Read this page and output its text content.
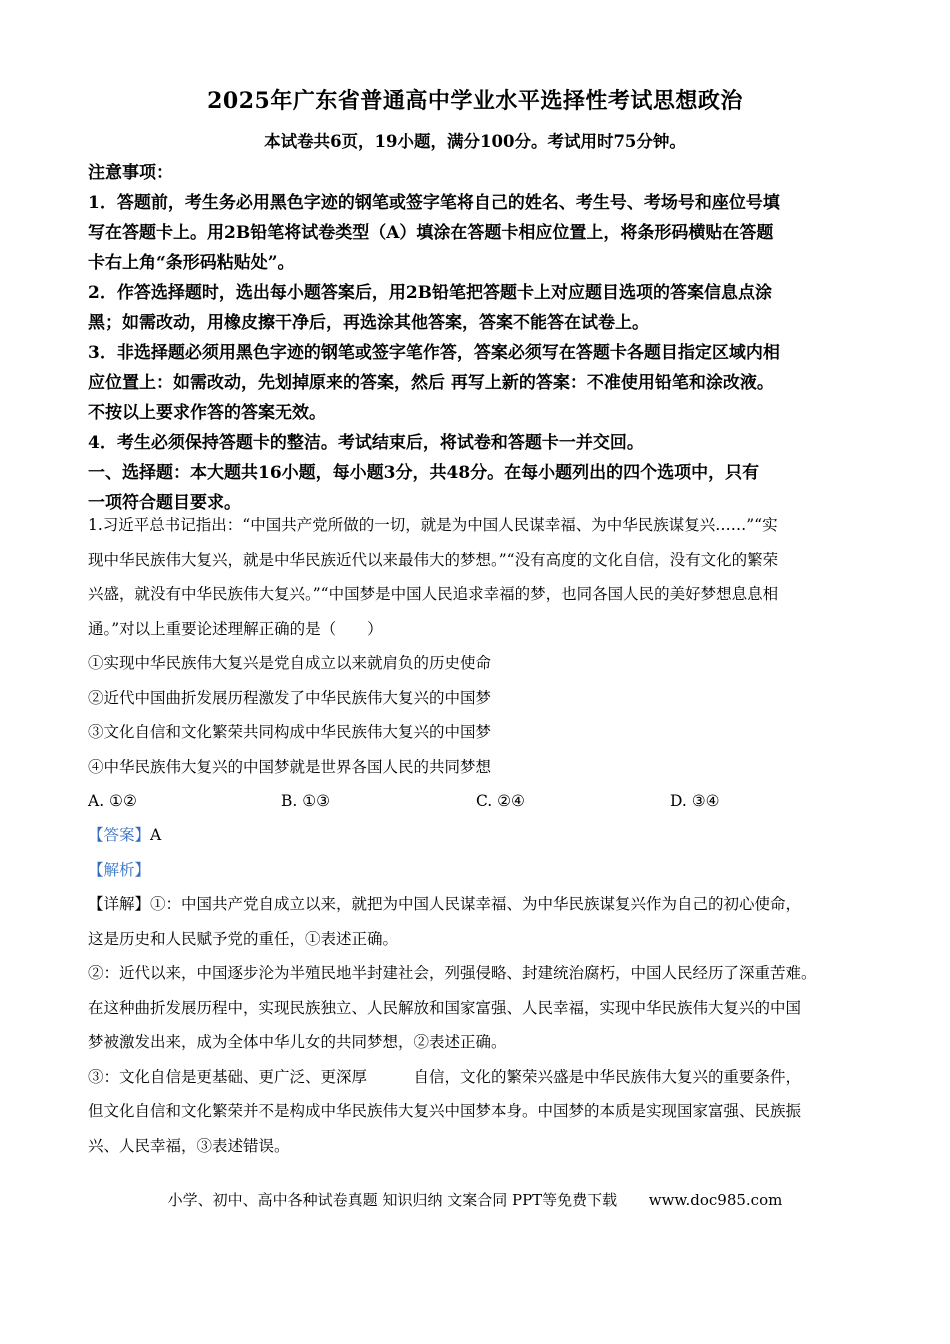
2025年广东省普通高中学业水平选择性考试思想政治
本试卷共6页，19小题，满分100分。考试用时75分钟。
注意事项：
1．答题前，考生务必用黑色字迹的钢笔或签字笔将自己的姓名、考生号、考场号和座位号填
写在答题卡上。用2B铅笔将试卷类型（A）填涂在答题卡相应位置上，将条形码横贴在答题
卡右上角“条形码粘贴处”。
2．作答选择题时，选出每小题答案后，用2B铅笔把答题卡上对应题目选项的答案信息点涂
黑；如需改动，用橡皮擦干净后，再选涂其他答案，答案不能答在试卷上。
3．非选择题必须用黑色字迹的钢笔或签字笔作答，答案必须写在答题卡各题目指定区域内相
应位置上：如需改动，先划掉原来的答案，然后 再写上新的答案：不准使用铅笔和涂改液。
不按以上要求作答的答案无效。
4．考生必须保持答题卡的整洁。考试结束后，将试卷和答题卡一并交回。
一、选择题：本大题共16小题，每小题3分，共48分。在每小题列出的四个选项中，只有
一项符合题目要求。
1.习近平总书记指出：“中国共产党所做的一切，就是为中国人民谋幸福、为中华民族谋复兴……”“实
现中华民族伟大复兴，就是中华民族近代以来最伟大的梦想。”“没有高度的文化自信，没有文化的繁荣
兴盛，就没有中华民族伟大复兴。”“中国梦是中国人民追求幸福的梦，也同各国人民的美好梦想息息相
通。”对以上重要论述理解正确的是（　　）
①实现中华民族伟大复兴是党自成立以来就肩负的历史使命
②近代中国曲折发展历程激发了中华民族伟大复兴的中国梦
③文化自信和文化繁荣共同构成中华民族伟大复兴的中国梦
④中华民族伟大复兴的中国梦就是世界各国人民的共同梦想
A. ①②	B. ①③	C. ②④	D. ③④
【答案】A
【解析】
【详解】①：中国共产党自成立以来，就把为中国人民谋幸福、为中华民族谋复兴作为自己的初心使命，
这是历史和人民赋予党的重任，①表述正确。
②：近代以来，中国逐步沦为半殖民地半封建社会，列强侵略、封建统治腐朽，中国人民经历了深重苦难。
在这种曲折发展历程中，实现民族独立、人民解放和国家富强、人民幸福，实现中华民族伟大复兴的中国
梦被激发出来，成为全体中华儿女的共同梦想，②表述正确。
③：文化自信是更基础、更广泛、更深厚　　　自信，文化的繁荣兴盛是中华民族伟大复兴的重要条件，
但文化自信和文化繁荣并不是构成中华民族伟大复兴中国梦本身。中国梦的本质是实现国家富强、民族振
兴、人民幸福，③表述错误。
小学、初中、高中各种试卷真题 知识归纳 文案合同 PPT等免费下载 www.doc985.com
